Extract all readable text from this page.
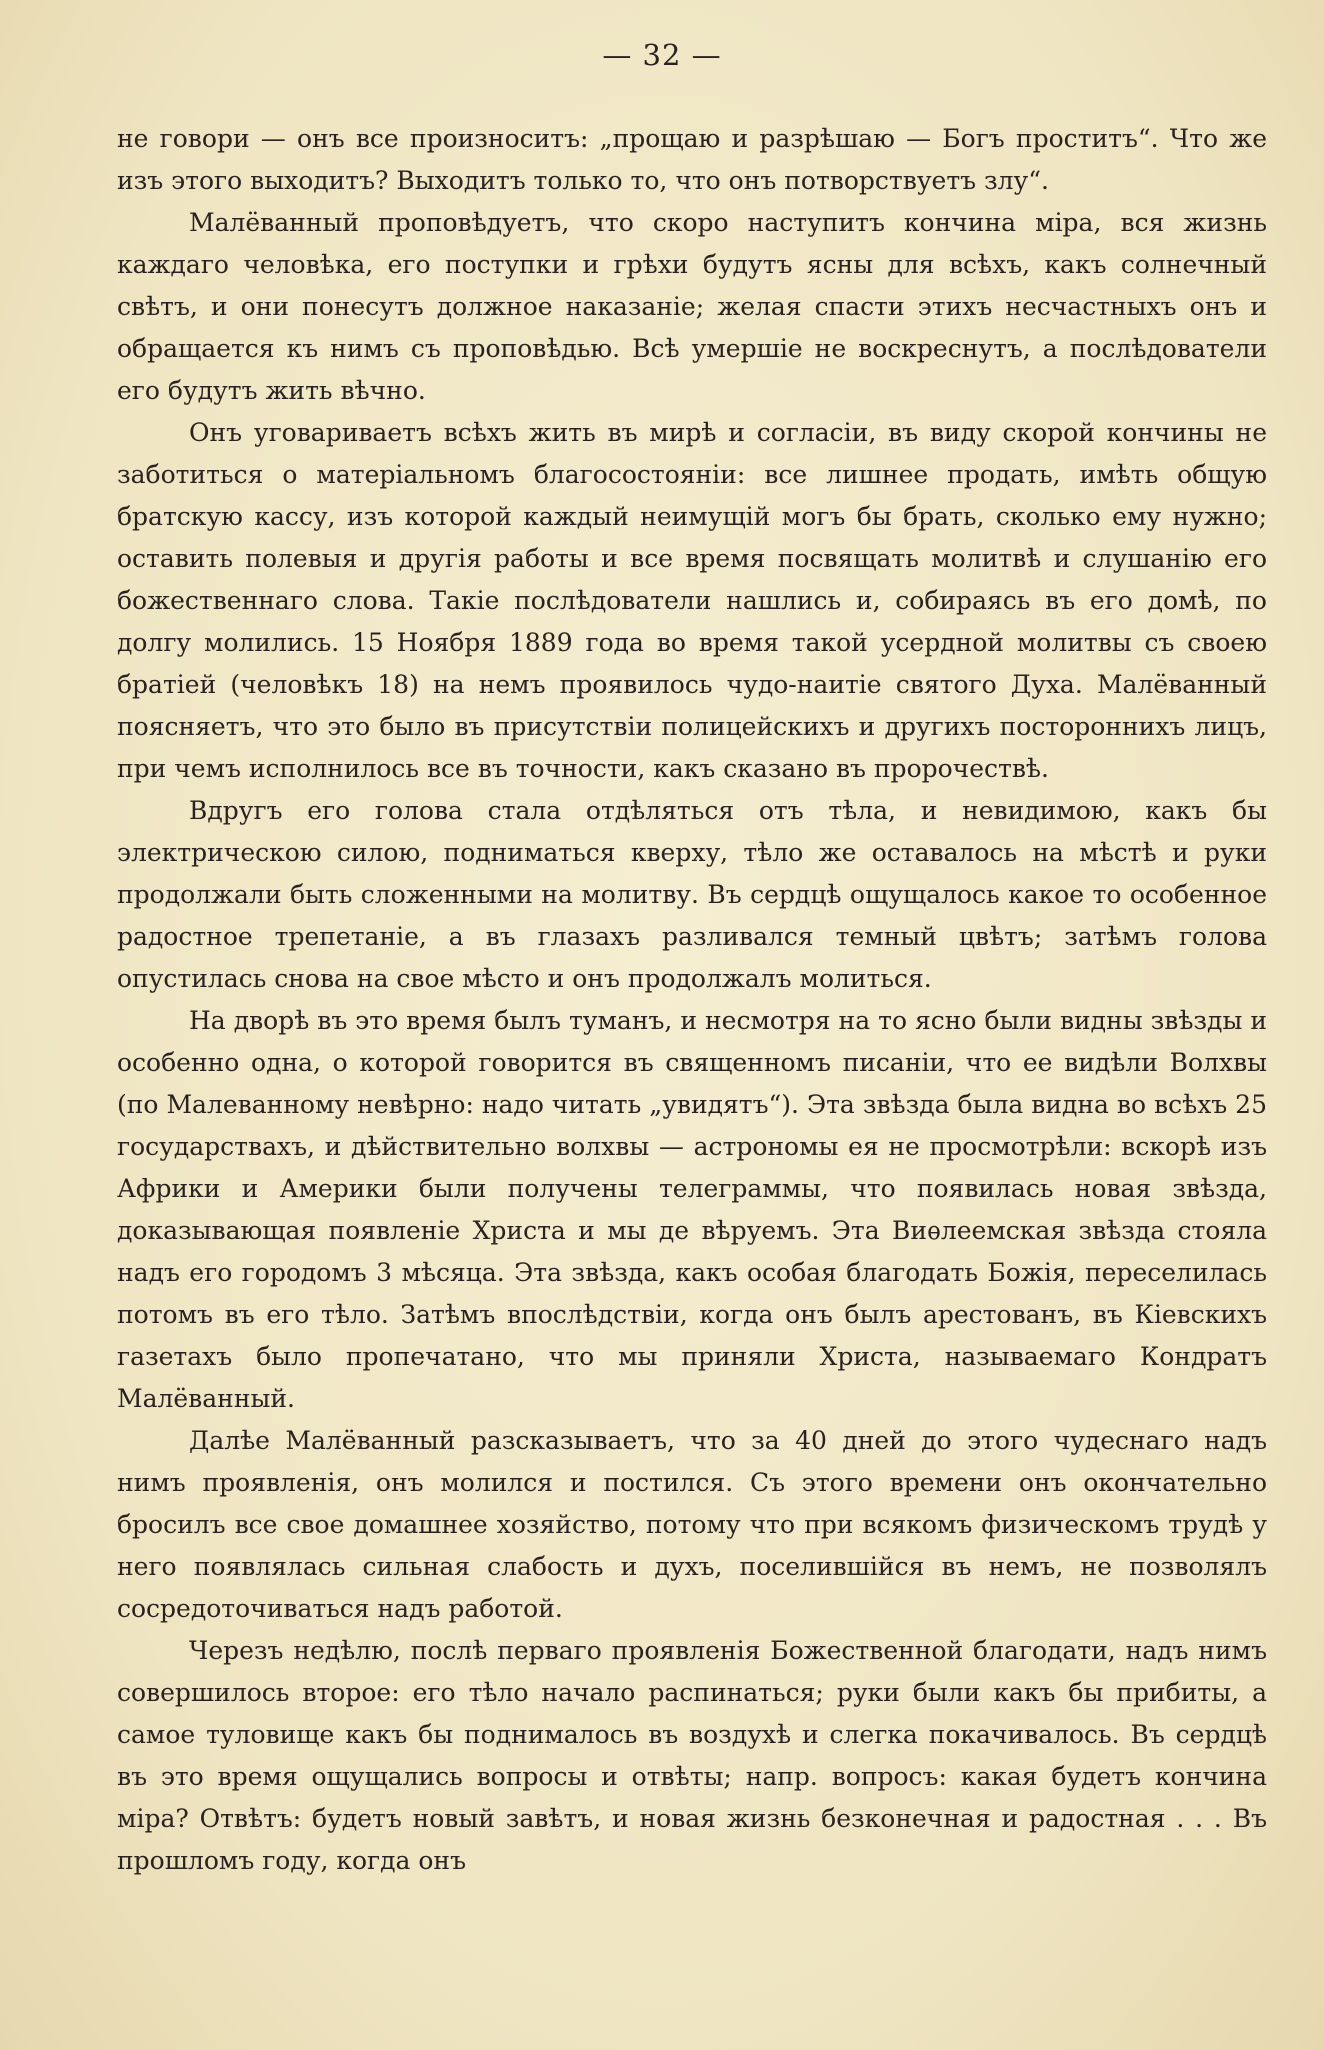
— 32 —

не говори — онъ все произноситъ: „прощаю и разрѣшаю — Богъ проститъ“. Что же изъ этого выходитъ? Выходитъ только то, что онъ потворствуетъ злу“.

Малёванный проповѣдуетъ, что скоро наступитъ кончина міра, вся жизнь каждаго человѣка, его поступки и грѣхи будутъ ясны для всѣхъ, какъ солнечный свѣтъ, и они понесутъ должное наказаніе; желая спасти этихъ несчастныхъ онъ и обращается къ нимъ съ проповѣдью. Всѣ умершіе не воскреснутъ, а послѣдователи его будутъ жить вѣчно.

Онъ уговариваетъ всѣхъ жить въ мирѣ и согласіи, въ виду скорой кончины не заботиться о матеріальномъ благосостояніи: все лишнее продать, имѣть общую братскую кассу, изъ которой каждый неимущій могъ бы брать, сколько ему нужно; оставить полевыя и другія работы и все время посвящать молитвѣ и слушанію его божественнаго слова. Такіе послѣдователи нашлись и, собираясь въ его домѣ, по долгу молились. 15 Ноября 1889 года во время такой усердной молитвы съ своею братіей (человѣкъ 18) на немъ проявилось чудо-наитіе святого Духа. Малёванный поясняетъ, что это было въ присутствіи полицейскихъ и другихъ постороннихъ лицъ, при чемъ исполнилось все въ точности, какъ сказано въ пророчествѣ.

Вдругъ его голова стала отдѣляться отъ тѣла, и невидимою, какъ бы электрическою силою, подниматься кверху, тѣло же оставалось на мѣстѣ и руки продолжали быть сложенными на молитву. Въ сердцѣ ощущалось какое то особенное радостное трепетаніе, а въ глазахъ разливался темный цвѣтъ; затѣмъ голова опустилась снова на свое мѣсто и онъ продолжалъ молиться.

На дворѣ въ это время былъ туманъ, и несмотря на то ясно были видны звѣзды и особенно одна, о которой говорится въ священномъ писаніи, что ее видѣли Волхвы (по Малеванному невѣрно: надо читать „увидятъ“). Эта звѣзда была видна во всѣхъ 25 государствахъ, и дѣйствительно волхвы — астрономы ея не просмотрѣли: вскорѣ изъ Африки и Америки были получены телеграммы, что появилась новая звѣзда, доказывающая появленіе Христа и мы де вѣруемъ. Эта Виѳлеемская звѣзда стояла надъ его городомъ 3 мѣсяца. Эта звѣзда, какъ особая благодать Божія, переселилась потомъ въ его тѣло. Затѣмъ впослѣдствіи, когда онъ былъ арестованъ, въ Кіевскихъ газетахъ было пропечатано, что мы приняли Христа, называемаго Кондратъ Малёванный.

Далѣе Малёванный разсказываетъ, что за 40 дней до этого чудеснаго надъ нимъ проявленія, онъ молился и постился. Съ этого времени онъ окончательно бросилъ все свое домашнее хозяйство, потому что при всякомъ физическомъ трудѣ у него появлялась сильная слабость и духъ, поселившійся въ немъ, не позволялъ сосредоточиваться надъ работой.

Черезъ недѣлю, послѣ перваго проявленія Божественной благодати, надъ нимъ совершилось второе: его тѣло начало распинаться; руки были какъ бы прибиты, а самое туловище какъ бы поднималось въ воздухѣ и слегка покачивалось. Въ сердцѣ въ это время ощущались вопросы и отвѣты; напр. вопросъ: какая будетъ кончина міра? Отвѣтъ: будетъ новый завѣтъ, и новая жизнь безконечная и радостная . . . Въ прошломъ году, когда онъ
